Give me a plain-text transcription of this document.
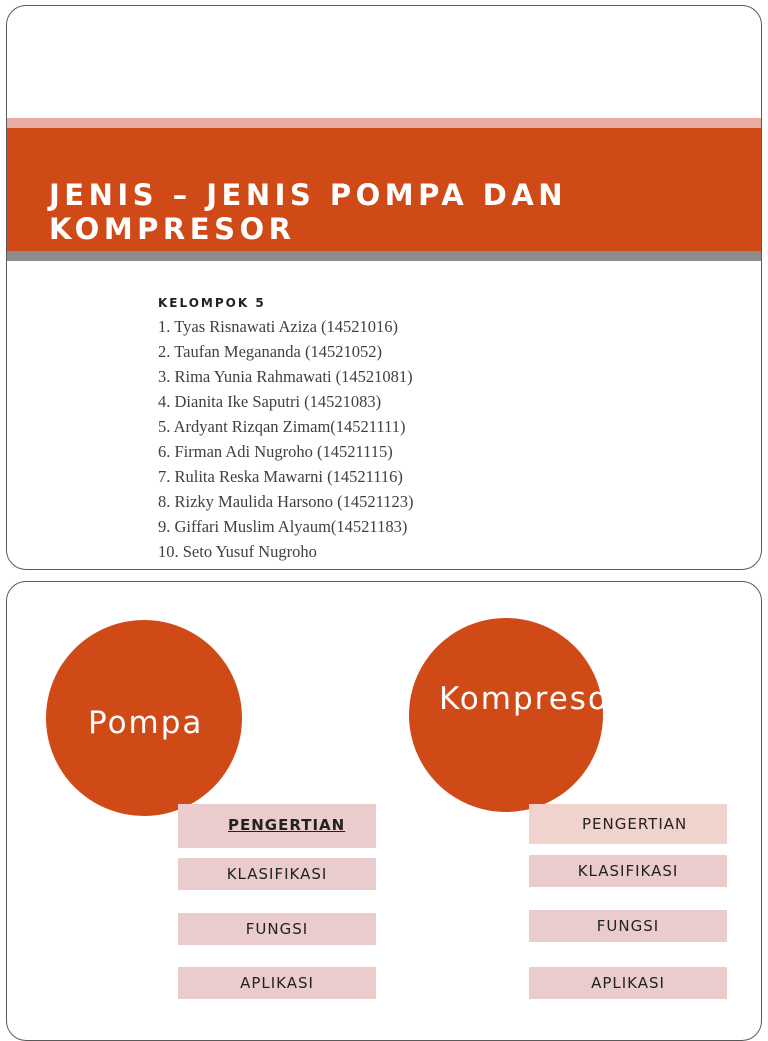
JENIS – JENIS POMPA DAN KOMPRESOR
KELOMPOK 5
1. Tyas Risnawati Aziza (14521016)
2. Taufan Megananda (14521052)
3. Rima Yunia Rahmawati (14521081)
4. Dianita Ike Saputri (14521083)
5. Ardyant Rizqan Zimam(14521111)
6. Firman Adi Nugroho (14521115)
7. Rulita Reska Mawarni (14521116)
8. Rizky Maulida Harsono (14521123)
9. Giffari Muslim Alyaum(14521183)
10. Seto Yusuf Nugroho
Pompa
Kompresor
PENGERTIAN
KLASIFIKASI
FUNGSI
APLIKASI
PENGERTIAN
KLASIFIKASI
FUNGSI
APLIKASI
